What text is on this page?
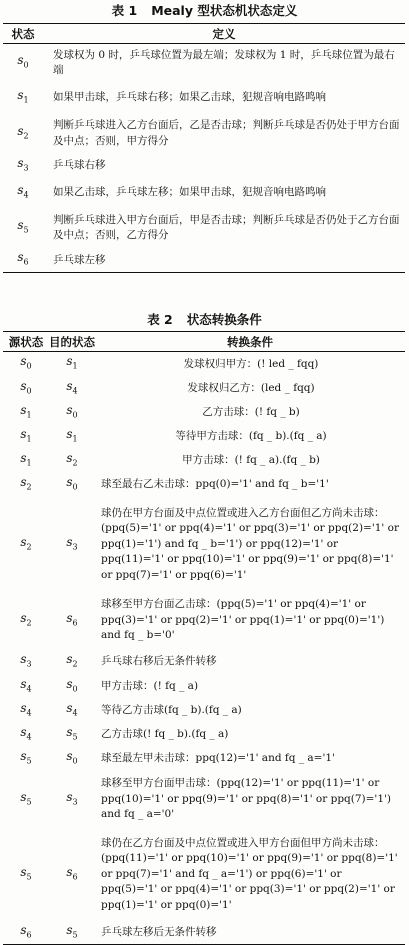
表 1 Mealy 型状态机状态定义

状态	定义
$s_0$	发球权为 0 时，乒乓球位置为最左端；发球权为 1 时，乒乓球位置为最右端
$s_1$	如果甲击球，乒乓球右移；如果乙击球，犯规音响电路鸣响
$s_2$	判断乒乓球进入乙方台面后，乙是否击球；判断乒乓球是否仍处于甲方台面及中点；否则，甲方得分
$s_3$	乒乓球右移
$s_4$	如果乙击球，乒乓球左移；如果甲击球，犯规音响电路鸣响
$s_5$	判断乒乓球进入甲方台面后，甲是否击球；判断乒乓球是否仍处于乙方台面及中点；否则，乙方得分
$s_6$	乒乓球左移

表 2 状态转换条件

源状态	目的状态	转换条件
$s_0$	$s_1$	发球权归甲方：(! led _ fqq)
$s_0$	$s_4$	发球权归乙方：(led _ fqq)
$s_1$	$s_0$	乙方击球：(! fq _ b)
$s_1$	$s_1$	等待甲方击球：(fq _ b).(fq _ a)
$s_1$	$s_2$	甲方击球：(! fq _ a).(fq _ b)
$s_2$	$s_0$	球至最右乙未击球：ppq(0)='1' and fq _ b='1'
$s_2$	$s_3$	球仍在甲方台面及中点位置或进入乙方台面但乙方尚未击球：(ppq(5)='1' or ppq(4)='1' or ppq(3)='1' or ppq(2)='1' or ppq(1)='1') and fq _ b='1') or ppq(12)='1' or ppq(11)='1' or ppq(10)='1' or ppq(9)='1' or ppq(8)='1' or ppq(7)='1' or ppq(6)='1'
$s_2$	$s_6$	球移至甲方台面乙击球：(ppq(5)='1' or ppq(4)='1' or ppq(3)='1' or ppq(2)='1' or ppq(1)='1' or ppq(0)='1') and fq _ b='0'
$s_3$	$s_2$	乒乓球右移后无条件转移
$s_4$	$s_0$	甲方击球：(! fq _ a)
$s_4$	$s_4$	等待乙方击球(fq _ b).(fq _ a)
$s_4$	$s_5$	乙方击球(! fq _ b).(fq _ a)
$s_5$	$s_0$	球至最左甲未击球：ppq(12)='1' and fq _ a='1'
$s_5$	$s_3$	球移至甲方台面甲击球：(ppq(12)='1' or ppq(11)='1' or ppq(10)='1' or ppq(9)='1' or ppq(8)='1' or ppq(7)='1') and fq _ a='0'
$s_5$	$s_6$	球仍在乙方台面及中点位置或进入甲方台面但甲方尚未击球：(ppq(11)='1' or ppq(10)='1' or ppq(9)='1' or ppq(8)='1' or ppq(7)='1' and fq _ a='1') or ppq(6)='1' or ppq(5)='1' or ppq(4)='1' or ppq(3)='1' or ppq(2)='1' or ppq(1)='1' or ppq(0)='1'
$s_6$	$s_5$	乒乓球左移后无条件转移
